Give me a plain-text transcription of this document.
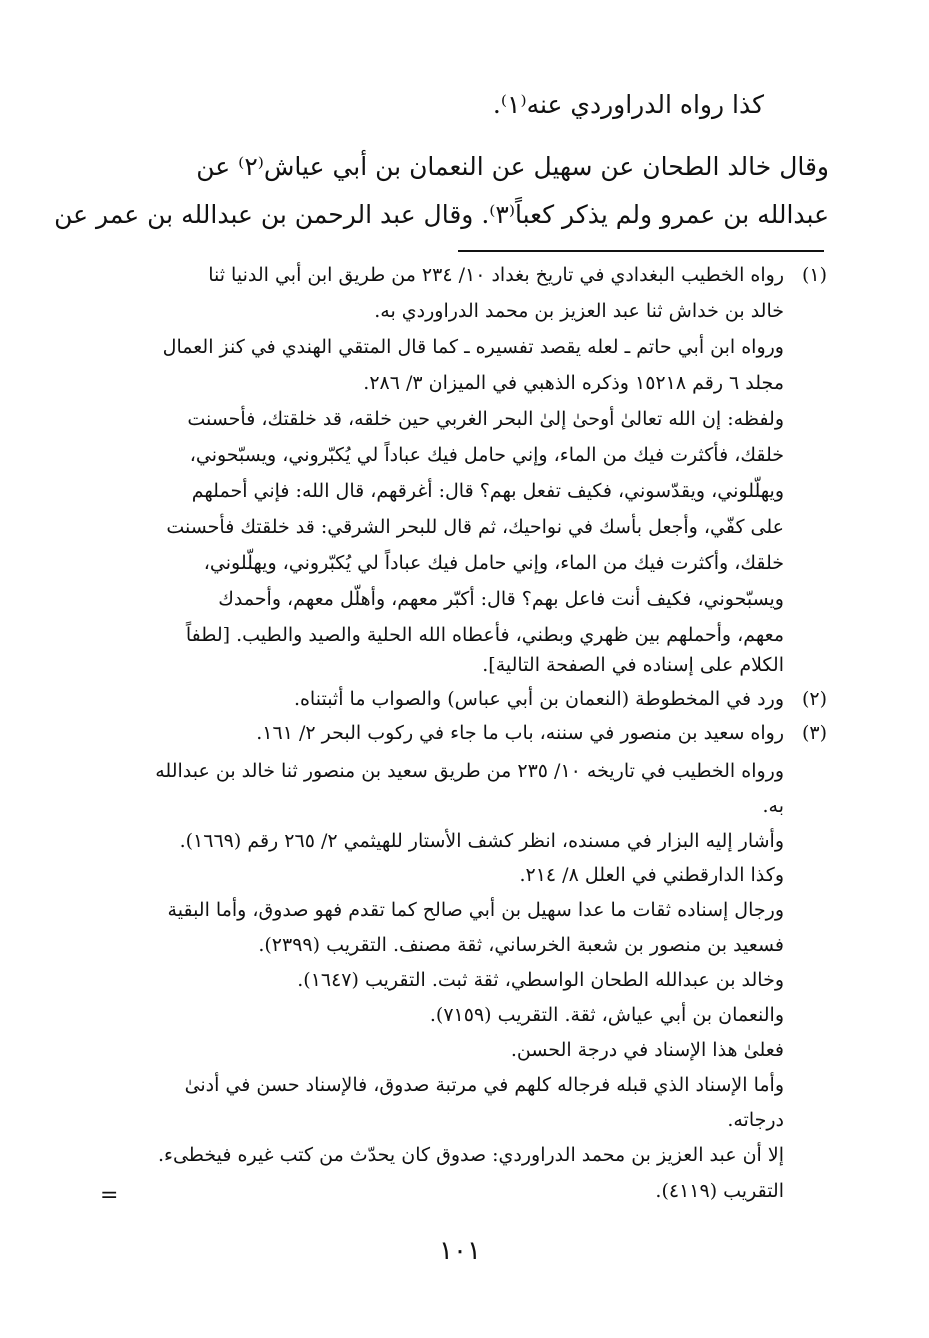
كذا رواه الدراوردي عنه⁽١⁾.
وقال خالد الطحان عن سهيل عن النعمان بن أبي عياش⁽٢⁾ عن
عبدالله بن عمرو ولم يذكر كعباً⁽٣⁾. وقال عبد الرحمن بن عبدالله بن عمر عن
(١)
رواه الخطيب البغدادي في تاريخ بغداد ١٠/ ٢٣٤ من طريق ابن أبي الدنيا ثنا
خالد بن خداش ثنا عبد العزيز بن محمد الدراوردي به.
ورواه ابن أبي حاتم ـ لعله يقصد تفسيره ـ كما قال المتقي الهندي في كنز العمال
مجلد ٦ رقم ١٥٢١٨ وذكره الذهبي في الميزان ٣/ ٢٨٦.
ولفظه: إن الله تعالىٰ أوحىٰ إلىٰ البحر الغربي حين خلقه، قد خلقتك، فأحسنت
خلقك، فأكثرت فيك من الماء، وإني حامل فيك عباداً لي يُكبّروني، ويسبّحوني،
ويهلّلوني، ويقدّسوني، فكيف تفعل بهم؟ قال: أغرقهم، قال الله: فإني أحملهم
على كفّي، وأجعل بأسك في نواحيك، ثم قال للبحر الشرقي: قد خلقتك فأحسنت
خلقك، وأكثرت فيك من الماء، وإني حامل فيك عباداً لي يُكبّروني، ويهلّلوني،
ويسبّحوني، فكيف أنت فاعل بهم؟ قال: أكبّر معهم، وأهلّل معهم، وأحمدك
معهم، وأحملهم بين ظهري وبطني، فأعطاه الله الحلية والصيد والطيب. [لطفاً
الكلام على إسناده في الصفحة التالية].
(٢)
ورد في المخطوطة (النعمان بن أبي عباس) والصواب ما أثبتناه.
(٣)
رواه سعيد بن منصور في سننه، باب ما جاء في ركوب البحر ٢/ ١٦١.
ورواه الخطيب في تاريخه ١٠/ ٢٣٥ من طريق سعيد بن منصور ثنا خالد بن عبدالله
به.
وأشار إليه البزار في مسنده، انظر كشف الأستار للهيثمي ٢/ ٢٦٥ رقم (١٦٦٩).
وكذا الدارقطني في العلل ٨/ ٢١٤.
ورجال إسناده ثقات ما عدا سهيل بن أبي صالح كما تقدم فهو صدوق، وأما البقية
فسعيد بن منصور بن شعبة الخرساني، ثقة مصنف. التقريب (٢٣٩٩).
وخالد بن عبدالله الطحان الواسطي، ثقة ثبت. التقريب (١٦٤٧).
والنعمان بن أبي عياش، ثقة. التقريب (٧١٥٩).
فعلىٰ هذا الإسناد في درجة الحسن.
وأما الإسناد الذي قبله فرجاله كلهم في مرتبة صدوق، فالإسناد حسن في أدنىٰ
درجاته.
إلا أن عبد العزيز بن محمد الدراوردي: صدوق كان يحدّث من كتب غيره فيخطىء.
التقريب (٤١١٩).
=
١٠١
